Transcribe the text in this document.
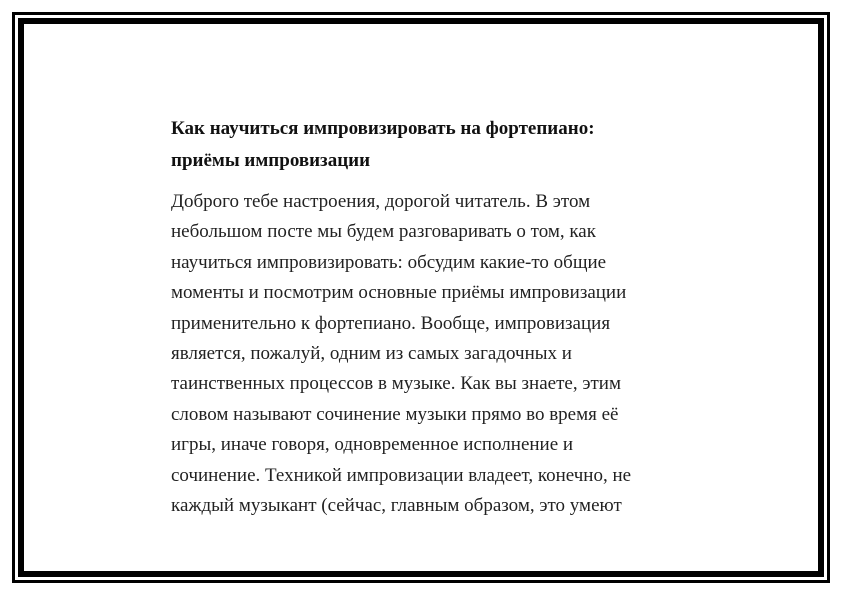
Как научиться импровизировать на фортепиано:
приёмы импровизации

Доброго тебе настроения, дорогой читатель. В этом
небольшом посте мы будем разговаривать о том, как
научиться импровизировать: обсудим какие-то общие
моменты и посмотрим основные приёмы импровизации
применительно к фортепиано. Вообще, импровизация
является, пожалуй, одним из самых загадочных и
таинственных процессов в музыке. Как вы знаете, этим
словом называют сочинение музыки прямо во время её
игры, иначе говоря, одновременное исполнение и
сочинение. Техникой импровизации владеет, конечно, не
каждый музыкант (сейчас, главным образом, это умеют
